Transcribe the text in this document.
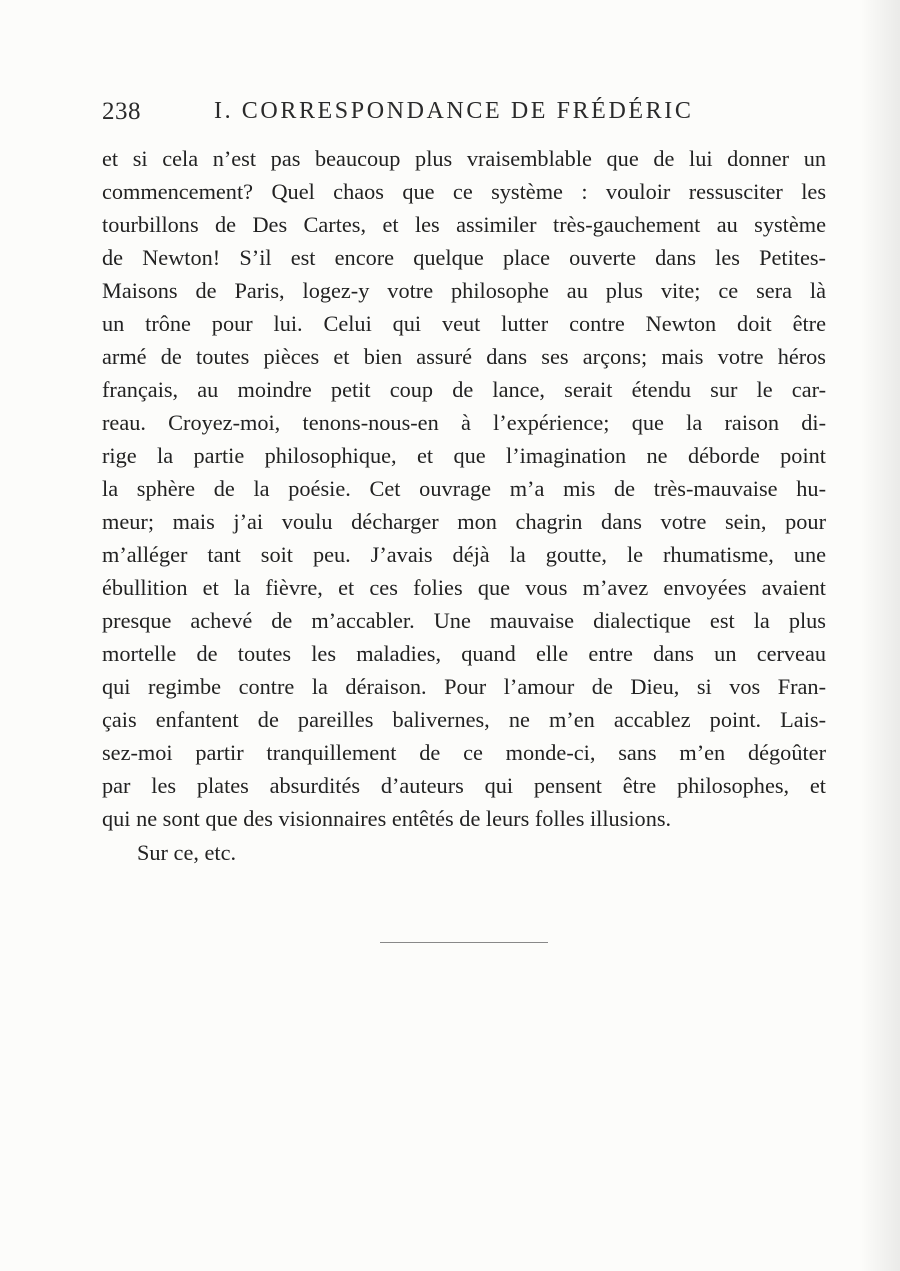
238	I. CORRESPONDANCE DE FRÉDÉRIC
et si cela n’est pas beaucoup plus vraisemblable que de lui donner un
commencement? Quel chaos que ce système : vouloir ressusciter les
tourbillons de Des Cartes, et les assimiler très-gauchement au système
de Newton! S’il est encore quelque place ouverte dans les Petites-
Maisons de Paris, logez-y votre philosophe au plus vite; ce sera là
un trône pour lui. Celui qui veut lutter contre Newton doit être
armé de toutes pièces et bien assuré dans ses arçons; mais votre héros
français, au moindre petit coup de lance, serait étendu sur le car-
reau. Croyez-moi, tenons-nous-en à l’expérience; que la raison di-
rige la partie philosophique, et que l’imagination ne déborde point
la sphère de la poésie. Cet ouvrage m’a mis de très-mauvaise hu-
meur; mais j’ai voulu décharger mon chagrin dans votre sein, pour
m’alléger tant soit peu. J’avais déjà la goutte, le rhumatisme, une
ébullition et la fièvre, et ces folies que vous m’avez envoyées avaient
presque achevé de m’accabler. Une mauvaise dialectique est la plus
mortelle de toutes les maladies, quand elle entre dans un cerveau
qui regimbe contre la déraison. Pour l’amour de Dieu, si vos Fran-
çais enfantent de pareilles balivernes, ne m’en accablez point. Lais-
sez-moi partir tranquillement de ce monde-ci, sans m’en dégoûter
par les plates absurdités d’auteurs qui pensent être philosophes, et
qui ne sont que des visionnaires entêtés de leurs folles illusions.
Sur ce, etc.
